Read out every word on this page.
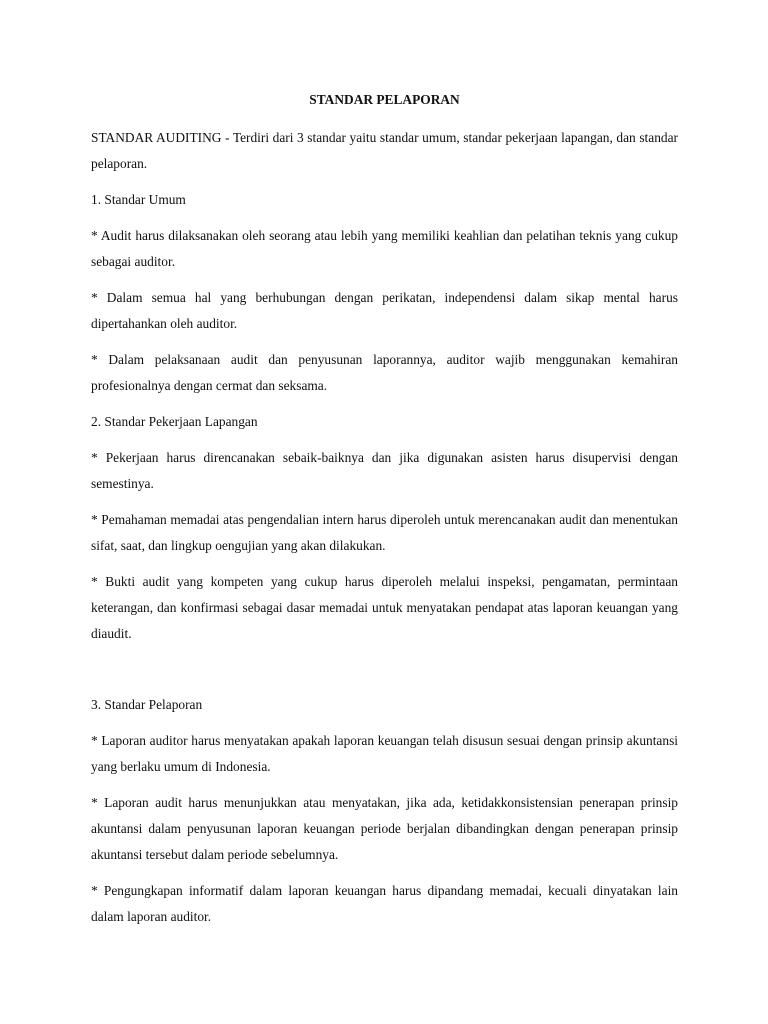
STANDAR PELAPORAN

STANDAR AUDITING - Terdiri dari 3 standar yaitu standar umum, standar pekerjaan lapangan, dan standar pelaporan.

1. Standar Umum

* Audit harus dilaksanakan oleh seorang atau lebih yang memiliki keahlian dan pelatihan teknis yang cukup sebagai auditor.

* Dalam semua hal yang berhubungan dengan perikatan, independensi dalam sikap mental harus dipertahankan oleh auditor.

* Dalam pelaksanaan audit dan penyusunan laporannya, auditor wajib menggunakan kemahiran profesionalnya dengan cermat dan seksama.

2. Standar Pekerjaan Lapangan

* Pekerjaan harus direncanakan sebaik-baiknya dan jika digunakan asisten harus disupervisi dengan semestinya.

* Pemahaman memadai atas pengendalian intern harus diperoleh untuk merencanakan audit dan menentukan sifat, saat, dan lingkup oengujian yang akan dilakukan.

* Bukti audit yang kompeten yang cukup harus diperoleh melalui inspeksi, pengamatan, permintaan keterangan, dan konfirmasi sebagai dasar memadai untuk menyatakan pendapat atas laporan keuangan yang diaudit.

3. Standar Pelaporan

* Laporan auditor harus menyatakan apakah laporan keuangan telah disusun sesuai dengan prinsip akuntansi yang berlaku umum di Indonesia.

* Laporan audit harus menunjukkan atau menyatakan, jika ada, ketidakkonsistensian penerapan prinsip akuntansi dalam penyusunan laporan keuangan periode berjalan dibandingkan dengan penerapan prinsip akuntansi tersebut dalam periode sebelumnya.

* Pengungkapan informatif dalam laporan keuangan harus dipandang memadai, kecuali dinyatakan lain dalam laporan auditor.
